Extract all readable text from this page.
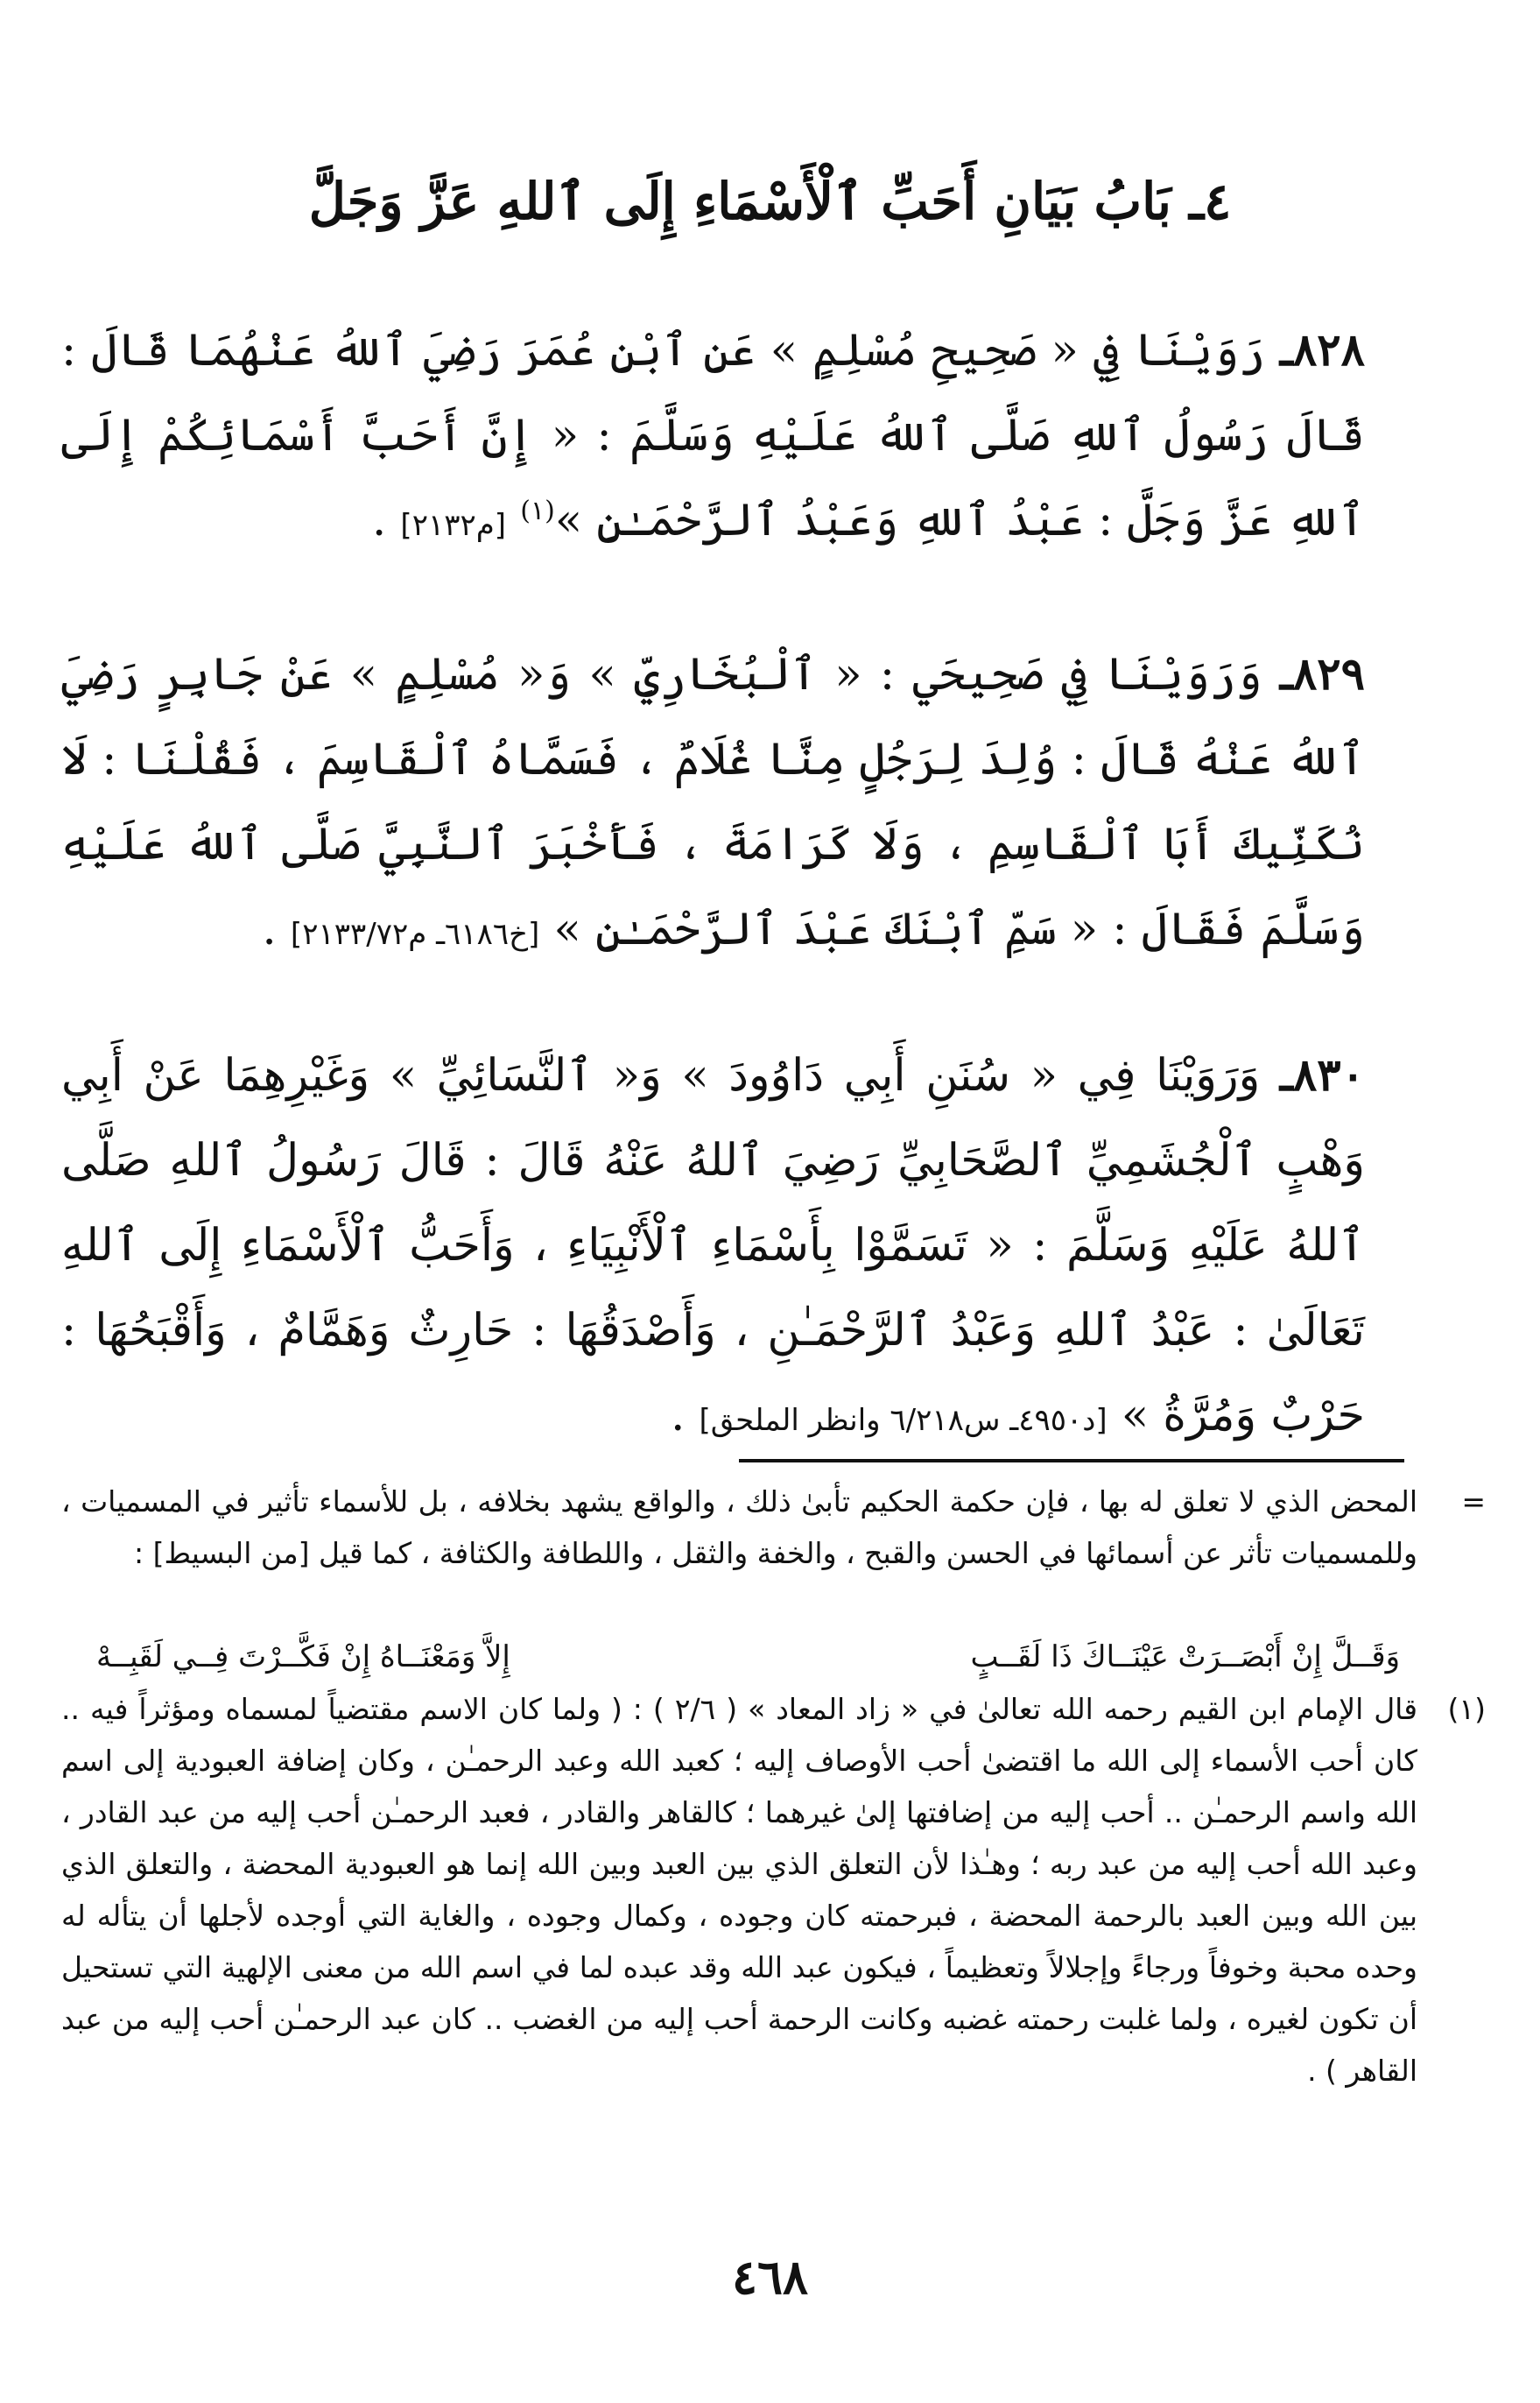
٤ـ بَابُ بَيَانِ أَحَبِّ ٱلْأَسْمَاءِ إِلَى ٱللهِ عَزَّ وَجَلَّ
٨٢٨ـ رَوَيْنَا فِي « صَحِيحِ مُسْلِمٍ » عَنِ ٱبْنِ عُمَرَ رَضِيَ ٱللهُ عَنْهُمَا قَالَ : قَالَ رَسُولُ ٱللهِ صَلَّى ٱللهُ عَلَيْهِ وَسَلَّمَ : « إِنَّ أَحَبَّ أَسْمَائِكُمْ إِلَى ٱللهِ عَزَّ وَجَلَّ : عَبْدُ ٱللهِ وَعَبْدُ ٱلرَّحْمَـٰنِ »$^{(١)}$ [م٢١٣٢] .
٨٢٩ـ وَرَوَيْنَا فِي صَحِيحَي : « ٱلْبُخَارِيِّ » وَ« مُسْلِمٍ » عَنْ جَابِرٍ رَضِيَ ٱللهُ عَنْهُ قَالَ : وُلِدَ لِرَجُلٍ مِنَّا غُلَامٌ ، فَسَمَّاهُ ٱلْقَاسِمَ ، فَقُلْنَا : لَا نُكَنِّيكَ أَبَا ٱلْقَاسِمِ ، وَلَا كَرَامَةَ ، فَأَخْبَرَ ٱلنَّبِيَّ صَلَّى ٱللهُ عَلَيْهِ وَسَلَّمَ فَقَالَ : « سَمِّ ٱبْنَكَ عَبْدَ ٱلرَّحْمَـٰنِ » [خ٦١٨٦ـ م٢١٣٣/٧٢] .
٨٣٠ـ وَرَوَيْنَا فِي « سُنَنِ أَبِي دَاوُودَ » وَ« ٱلنَّسَائِيِّ » وَغَيْرِهِمَا عَنْ أَبِي وَهْبٍ ٱلْجُشَمِيِّ ٱلصَّحَابِيِّ رَضِيَ ٱللهُ عَنْهُ قَالَ : قَالَ رَسُولُ ٱللهِ صَلَّى ٱللهُ عَلَيْهِ وَسَلَّمَ : « تَسَمَّوْا بِأَسْمَاءِ ٱلْأَنْبِيَاءِ ، وَأَحَبُّ ٱلْأَسْمَاءِ إِلَى ٱللهِ تَعَالَىٰ : عَبْدُ ٱللهِ وَعَبْدُ ٱلرَّحْمَـٰنِ ، وَأَصْدَقُهَا : حَارِثٌ وَهَمَّامٌ ، وَأَقْبَحُهَا : حَرْبٌ وَمُرَّةُ » [د٤٩٥٠ـ س٦/٢١٨ وانظر الملحق] .
=
المحض الذي لا تعلق له بها ، فإن حكمة الحكيم تأبىٰ ذلك ، والواقع يشهد بخلافه ، بل للأسماء تأثير في المسميات ، وللمسميات تأثر عن أسمائها في الحسن والقبح ، والخفة والثقل ، واللطافة والكثافة ، كما قيل [من البسيط] :
وَقَــلَّ إِنْ أَبْصَــرَتْ عَيْنَــاكَ ذَا لَقَــبٍ
إِلاَّ وَمَعْنَــاهُ إِنْ فَكَّــرْتَ فِــي لَقَبِــهْ
(١)
قال الإمام ابن القيم رحمه الله تعالىٰ في « زاد المعاد » ( ٢/٦ ) : ( ولما كان الاسم مقتضياً لمسماه ومؤثراً فيه .. كان أحب الأسماء إلى الله ما اقتضىٰ أحب الأوصاف إليه ؛ كعبد الله وعبد الرحمـٰن ، وكان إضافة العبودية إلى اسم الله واسم الرحمـٰن .. أحب إليه من إضافتها إلىٰ غيرهما ؛ كالقاهر والقادر ، فعبد الرحمـٰن أحب إليه من عبد القادر ، وعبد الله أحب إليه من عبد ربه ؛ وهـٰذا لأن التعلق الذي بين العبد وبين الله إنما هو العبودية المحضة ، والتعلق الذي بين الله وبين العبد بالرحمة المحضة ، فبرحمته كان وجوده ، وكمال وجوده ، والغاية التي أوجده لأجلها أن يتأله له وحده محبة وخوفاً ورجاءً وإجلالاً وتعظيماً ، فيكون عبد الله وقد عبده لما في اسم الله من معنى الإلهية التي تستحيل أن تكون لغيره ، ولما غلبت رحمته غضبه وكانت الرحمة أحب إليه من الغضب .. كان عبد الرحمـٰن أحب إليه من عبد القاهر ) .
٤٦٨
